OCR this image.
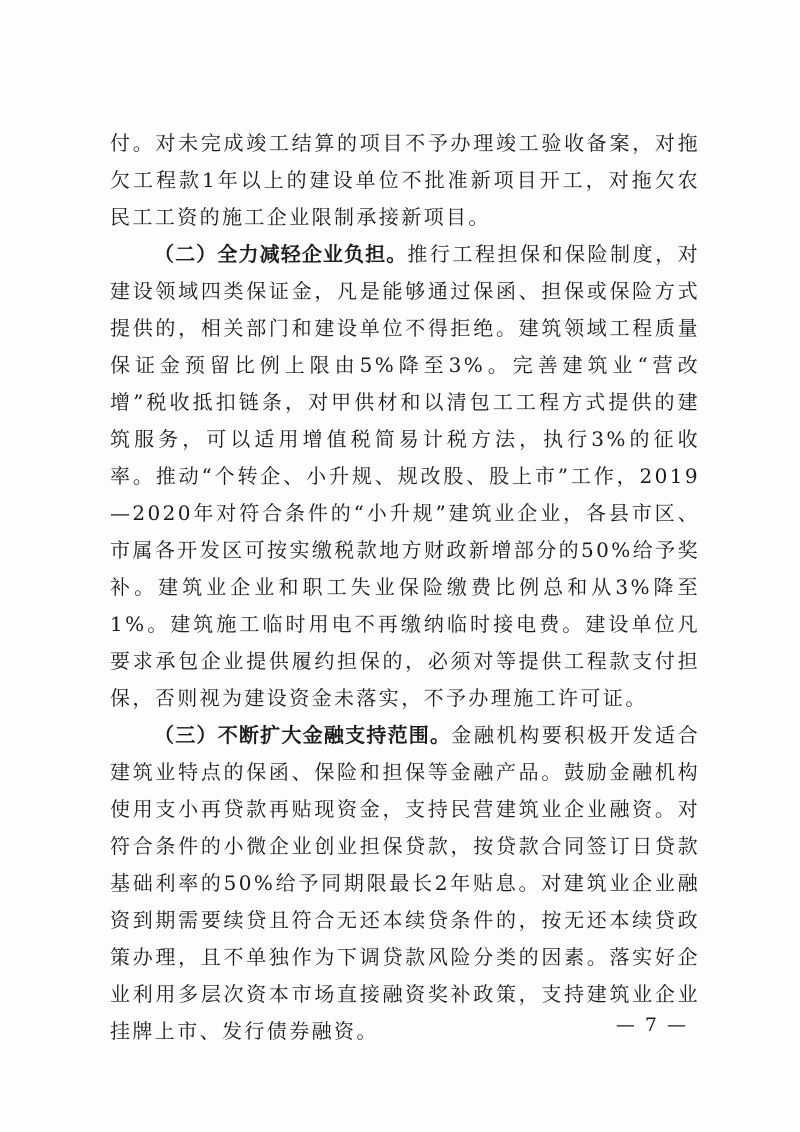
付。对未完成竣工结算的项目不予办理竣工验收备案，对拖欠工程款1年以上的建设单位不批准新项目开工，对拖欠农民工工资的施工企业限制承接新项目。

（二）全力减轻企业负担。推行工程担保和保险制度，对建设领域四类保证金，凡是能够通过保函、担保或保险方式提供的，相关部门和建设单位不得拒绝。建筑领域工程质量保证金预留比例上限由5%降至3%。完善建筑业“营改增”税收抵扣链条，对甲供材和以清包工工程方式提供的建筑服务，可以适用增值税简易计税方法，执行3%的征收率。推动“个转企、小升规、规改股、股上市”工作，2019—2020年对符合条件的“小升规”建筑业企业，各县市区、市属各开发区可按实缴税款地方财政新增部分的50%给予奖补。建筑业企业和职工失业保险缴费比例总和从3%降至1%。建筑施工临时用电不再缴纳临时接电费。建设单位凡要求承包企业提供履约担保的，必须对等提供工程款支付担保，否则视为建设资金未落实，不予办理施工许可证。

（三）不断扩大金融支持范围。金融机构要积极开发适合建筑业特点的保函、保险和担保等金融产品。鼓励金融机构使用支小再贷款再贴现资金，支持民营建筑业企业融资。对符合条件的小微企业创业担保贷款，按贷款合同签订日贷款基础利率的50%给予同期限最长2年贴息。对建筑业企业融资到期需要续贷且符合无还本续贷条件的，按无还本续贷政策办理，且不单独作为下调贷款风险分类的因素。落实好企业利用多层次资本市场直接融资奖补政策，支持建筑业企业挂牌上市、发行债券融资。	— 7 —
